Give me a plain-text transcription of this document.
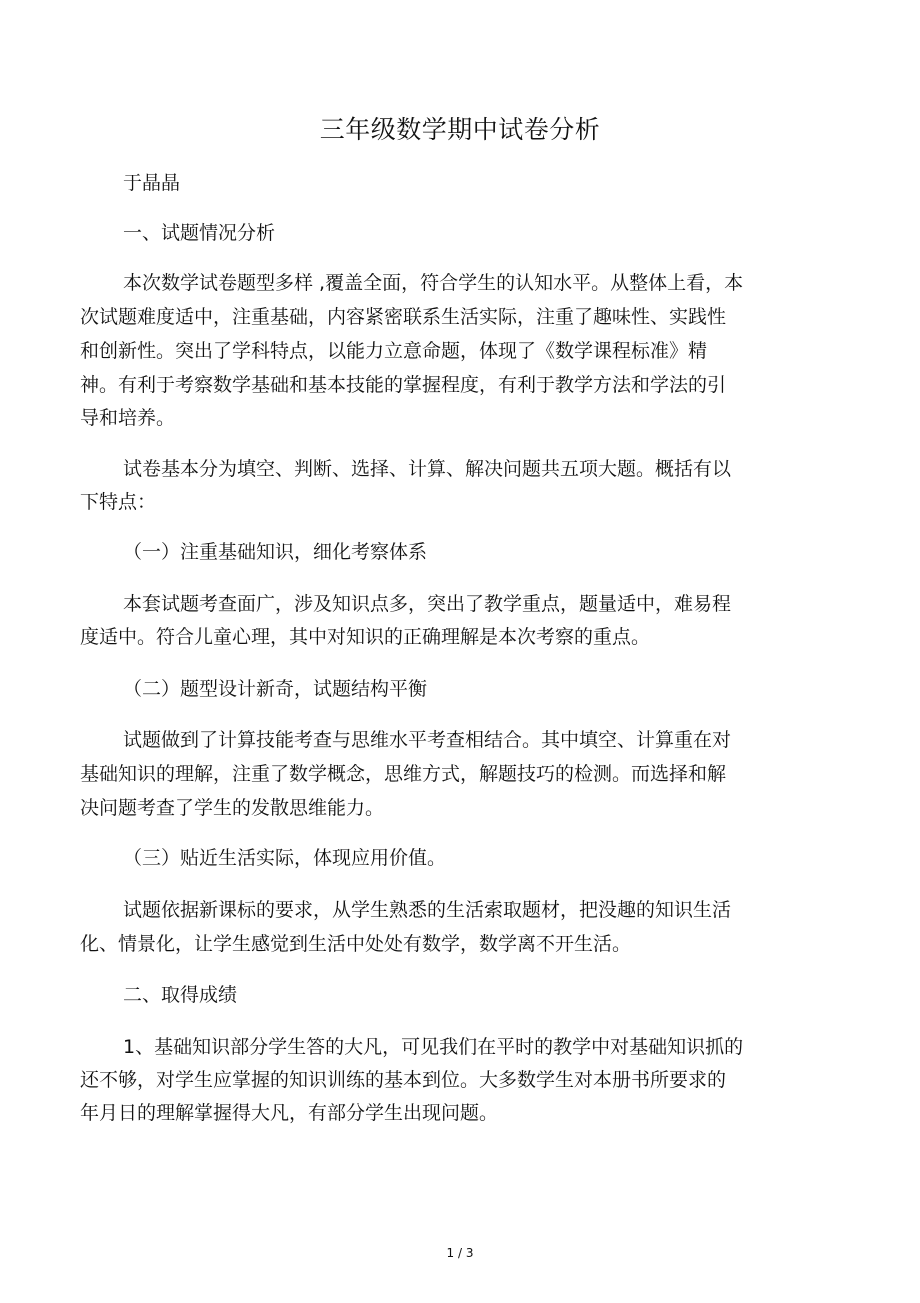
三年级数学期中试卷分析
于晶晶
一、试题情况分析
本次数学试卷题型多样 ,覆盖全面，符合学生的认知水平。从整体上看，本
次试题难度适中，注重基础，内容紧密联系生活实际，注重了趣味性、实践性
和创新性。突出了学科特点，以能力立意命题，体现了《数学课程标准》精
神。有利于考察数学基础和基本技能的掌握程度，有利于教学方法和学法的引
导和培养。
试卷基本分为填空、判断、选择、计算、解决问题共五项大题。概括有以
下特点：
（一）注重基础知识，细化考察体系
本套试题考查面广，涉及知识点多，突出了教学重点，题量适中，难易程
度适中。符合儿童心理，其中对知识的正确理解是本次考察的重点。
（二）题型设计新奇，试题结构平衡
试题做到了计算技能考查与思维水平考查相结合。其中填空、计算重在对
基础知识的理解，注重了数学概念，思维方式，解题技巧的检测。而选择和解
决问题考查了学生的发散思维能力。
（三）贴近生活实际，体现应用价值。
试题依据新课标的要求，从学生熟悉的生活索取题材，把没趣的知识生活
化、情景化，让学生感觉到生活中处处有数学，数学离不开生活。
二、取得成绩
1、基础知识部分学生答的大凡，可见我们在平时的教学中对基础知识抓的
还不够，对学生应掌握的知识训练的基本到位。大多数学生对本册书所要求的
年月日的理解掌握得大凡，有部分学生出现问题。
1 / 3
